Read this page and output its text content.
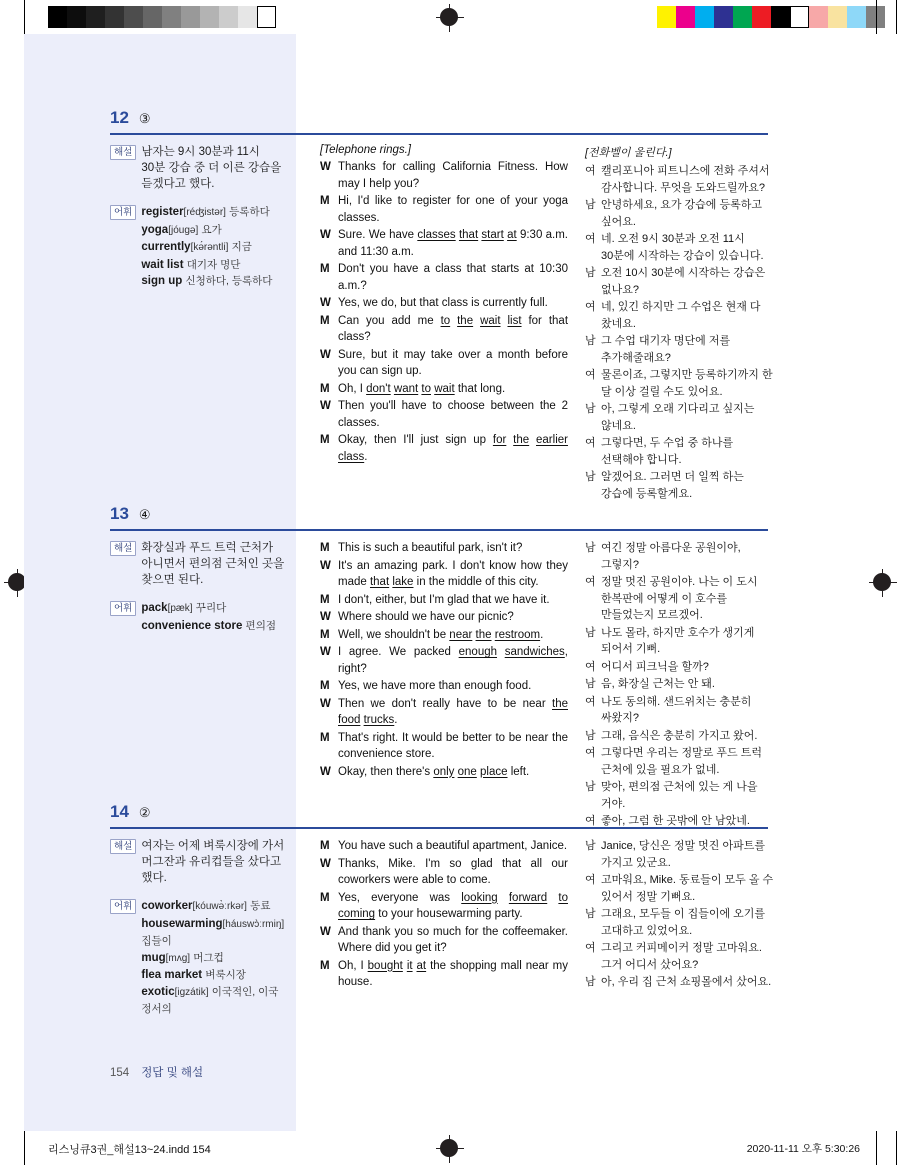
12 ③
해설 남자는 9시 30분과 11시 30분 강습 중 더 이른 강습을 듣겠다고 했다.
어휘 register[réʤistər] 등록하다
yoga[jóugə] 요가
currently[kə́rəntli] 지금
wait list 대기자 명단
sign up 신청하다, 등록하다
[Telephone rings.]
W Thanks for calling California Fitness. How may I help you?
M Hi, I'd like to register for one of your yoga classes.
W Sure. We have classes that start at 9:30 a.m. and 11:30 a.m.
M Don't you have a class that starts at 10:30 a.m.?
W Yes, we do, but that class is currently full.
M Can you add me to the wait list for that class?
W Sure, but it may take over a month before you can sign up.
M Oh, I don't want to wait that long.
W Then you'll have to choose between the 2 classes.
M Okay, then I'll just sign up for the earlier class.
[전화벨이 울린다.]
여 캘리포니아 피트니스에 전화 주셔서 감사합니다. 무엇을 도와드릴까요?
남 안녕하세요, 요가 강습에 등록하고 싶어요.
여 네. 오전 9시 30분과 오전 11시 30분에 시작하는 강습이 있습니다.
남 오전 10시 30분에 시작하는 강습은 없나요?
여 네, 있긴 하지만 그 수업은 현재 다 찼네요.
남 그 수업 대기자 명단에 저를 추가해줄래요?
여 물론이죠, 그렇지만 등록하기까지 한 달 이상 걸릴 수도 있어요.
남 아, 그렇게 오래 기다리고 싶지는 않네요.
여 그렇다면, 두 수업 중 하나를 선택해야 합니다.
남 알겠어요. 그러면 더 일찍 하는 강습에 등록할게요.
13 ④
해설 화장실과 푸드 트럭 근처가 아니면서 편의점 근처인 곳을 찾으면 된다.
어휘 pack[pæk] 꾸리다
convenience store 편의점
M This is such a beautiful park, isn't it?
W It's an amazing park. I don't know how they made that lake in the middle of this city.
M I don't, either, but I'm glad that we have it.
W Where should we have our picnic?
M Well, we shouldn't be near the restroom.
W I agree. We packed enough sandwiches, right?
M Yes, we have more than enough food.
W Then we don't really have to be near the food trucks.
M That's right. It would be better to be near the convenience store.
W Okay, then there's only one place left.
남 여긴 정말 아름다운 공원이야, 그렇지?
여 정말 멋진 공원이야. 나는 이 도시 한복판에 어떻게 이 호수를 만들었는지 모르겠어.
남 나도 몰라, 하지만 호수가 생기게 되어서 기뻐.
여 어디서 피크닉을 할까?
남 음, 화장실 근처는 안 돼.
여 나도 동의해. 샌드위치는 충분히 싸왔지?
남 그래, 음식은 충분히 가지고 왔어.
여 그렇다면 우리는 정말로 푸드 트럭 근처에 있을 필요가 없네.
남 맞아, 편의점 근처에 있는 게 나을 거야.
여 좋아, 그럼 한 곳밖에 안 남았네.
14 ②
해설 여자는 어제 벼룩시장에 가서 머그잔과 유리컵들을 샀다고 했다.
어휘 coworker[kóuwə̀ːrkər] 동료
housewarming[háuswɔ̀ːrmiŋ] 집들이
mug[mʌg] 머그컵
flea market 벼룩시장
exotic[igzátik] 이국적인, 이국 정서의
M You have such a beautiful apartment, Janice.
W Thanks, Mike. I'm so glad that all our coworkers were able to come.
M Yes, everyone was looking forward to coming to your housewarming party.
W And thank you so much for the coffeemaker. Where did you get it?
M Oh, I bought it at the shopping mall near my house.
남 Janice, 당신은 정말 멋진 아파트를 가지고 있군요.
여 고마워요, Mike. 동료들이 모두 올 수 있어서 정말 기뻐요.
남 그래요, 모두들 이 집들이에 오기를 고대하고 있었어요.
여 그리고 커피메이커 정말 고마워요. 그거 어디서 샀어요?
남 아, 우리 집 근처 쇼핑몰에서 샀어요.
154 정답 및 해설
리스닝큐3권_해설13~24.indd 154	2020-11-11 오후 5:30:26
